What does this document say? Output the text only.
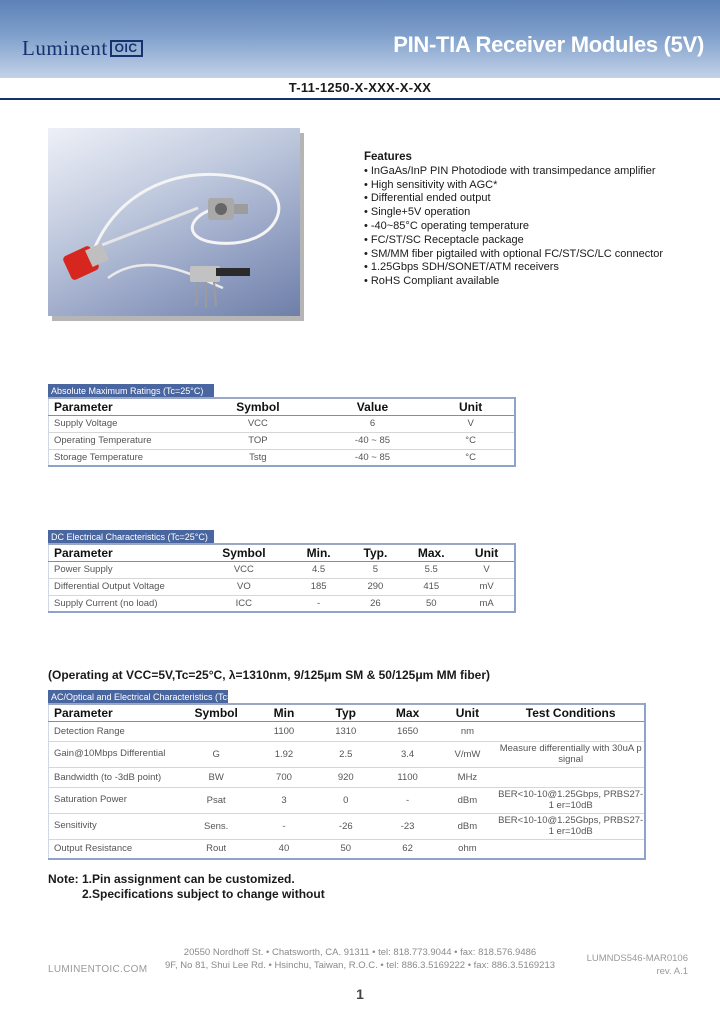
Luminent OIC	PIN-TIA Receiver Modules (5V)
T-11-1250-X-XXX-X-XX
Features
• InGaAs/InP PIN Photodiode with transimpedance amplifier
• High sensitivity with AGC*
• Differential ended output
• Single+5V operation
• -40~85°C operating temperature
• FC/ST/SC Receptacle package
• SM/MM fiber pigtailed with optional FC/ST/SC/LC connector
• 1.25Gbps SDH/SONET/ATM receivers
• RoHS Compliant available
Absolute Maximum Ratings (Tc=25°C)
Parameter	Symbol	Value	Unit
Supply Voltage	VCC	6	V
Operating Temperature	TOP	-40 ~ 85	°C
Storage Temperature	Tstg	-40 ~ 85	°C
DC Electrical Characteristics (Tc=25°C)
Parameter	Symbol	Min.	Typ.	Max.	Unit
Power Supply	VCC	4.5	5	5.5	V
Differential Output Voltage	VO	185	290	415	mV
Supply Current (no load)	ICC	-	26	50	mA
(Operating at VCC=5V,Tc=25°C, λ=1310nm, 9/125μm SM & 50/125μm MM fiber)
AC/Optical and Electrical Characteristics (Tc=25°C)
Parameter	Symbol	Min	Typ	Max	Unit	Test Conditions
Detection Range		1100	1310	1650	nm	
Gain@10Mbps Differential	G	1.92	2.5	3.4	V/mW	Measure differentially with 30uA p signal
Bandwidth (to -3dB point)	BW	700	920	1100	MHz	
Saturation Power	Psat	3	0	-	dBm	BER<10-10@1.25Gbps, PRBS27-1 er=10dB
Sensitivity	Sens.	-	-26	-23	dBm	BER<10-10@1.25Gbps, PRBS27-1 er=10dB
Output Resistance	Rout	40	50	62	ohm	
Note: 1.Pin assignment can be customized.
2.Specifications subject to change without
LUMINENTOIC.COM
20550 Nordhoff St. • Chatsworth, CA. 91311 • tel: 818.773.9044 • fax: 818.576.9486
9F, No 81, Shui Lee Rd. • Hsinchu, Taiwan, R.O.C. • tel: 886.3.5169222 • fax: 886.3.5169213
LUMNDS546-MAR0106
rev. A.1
1
